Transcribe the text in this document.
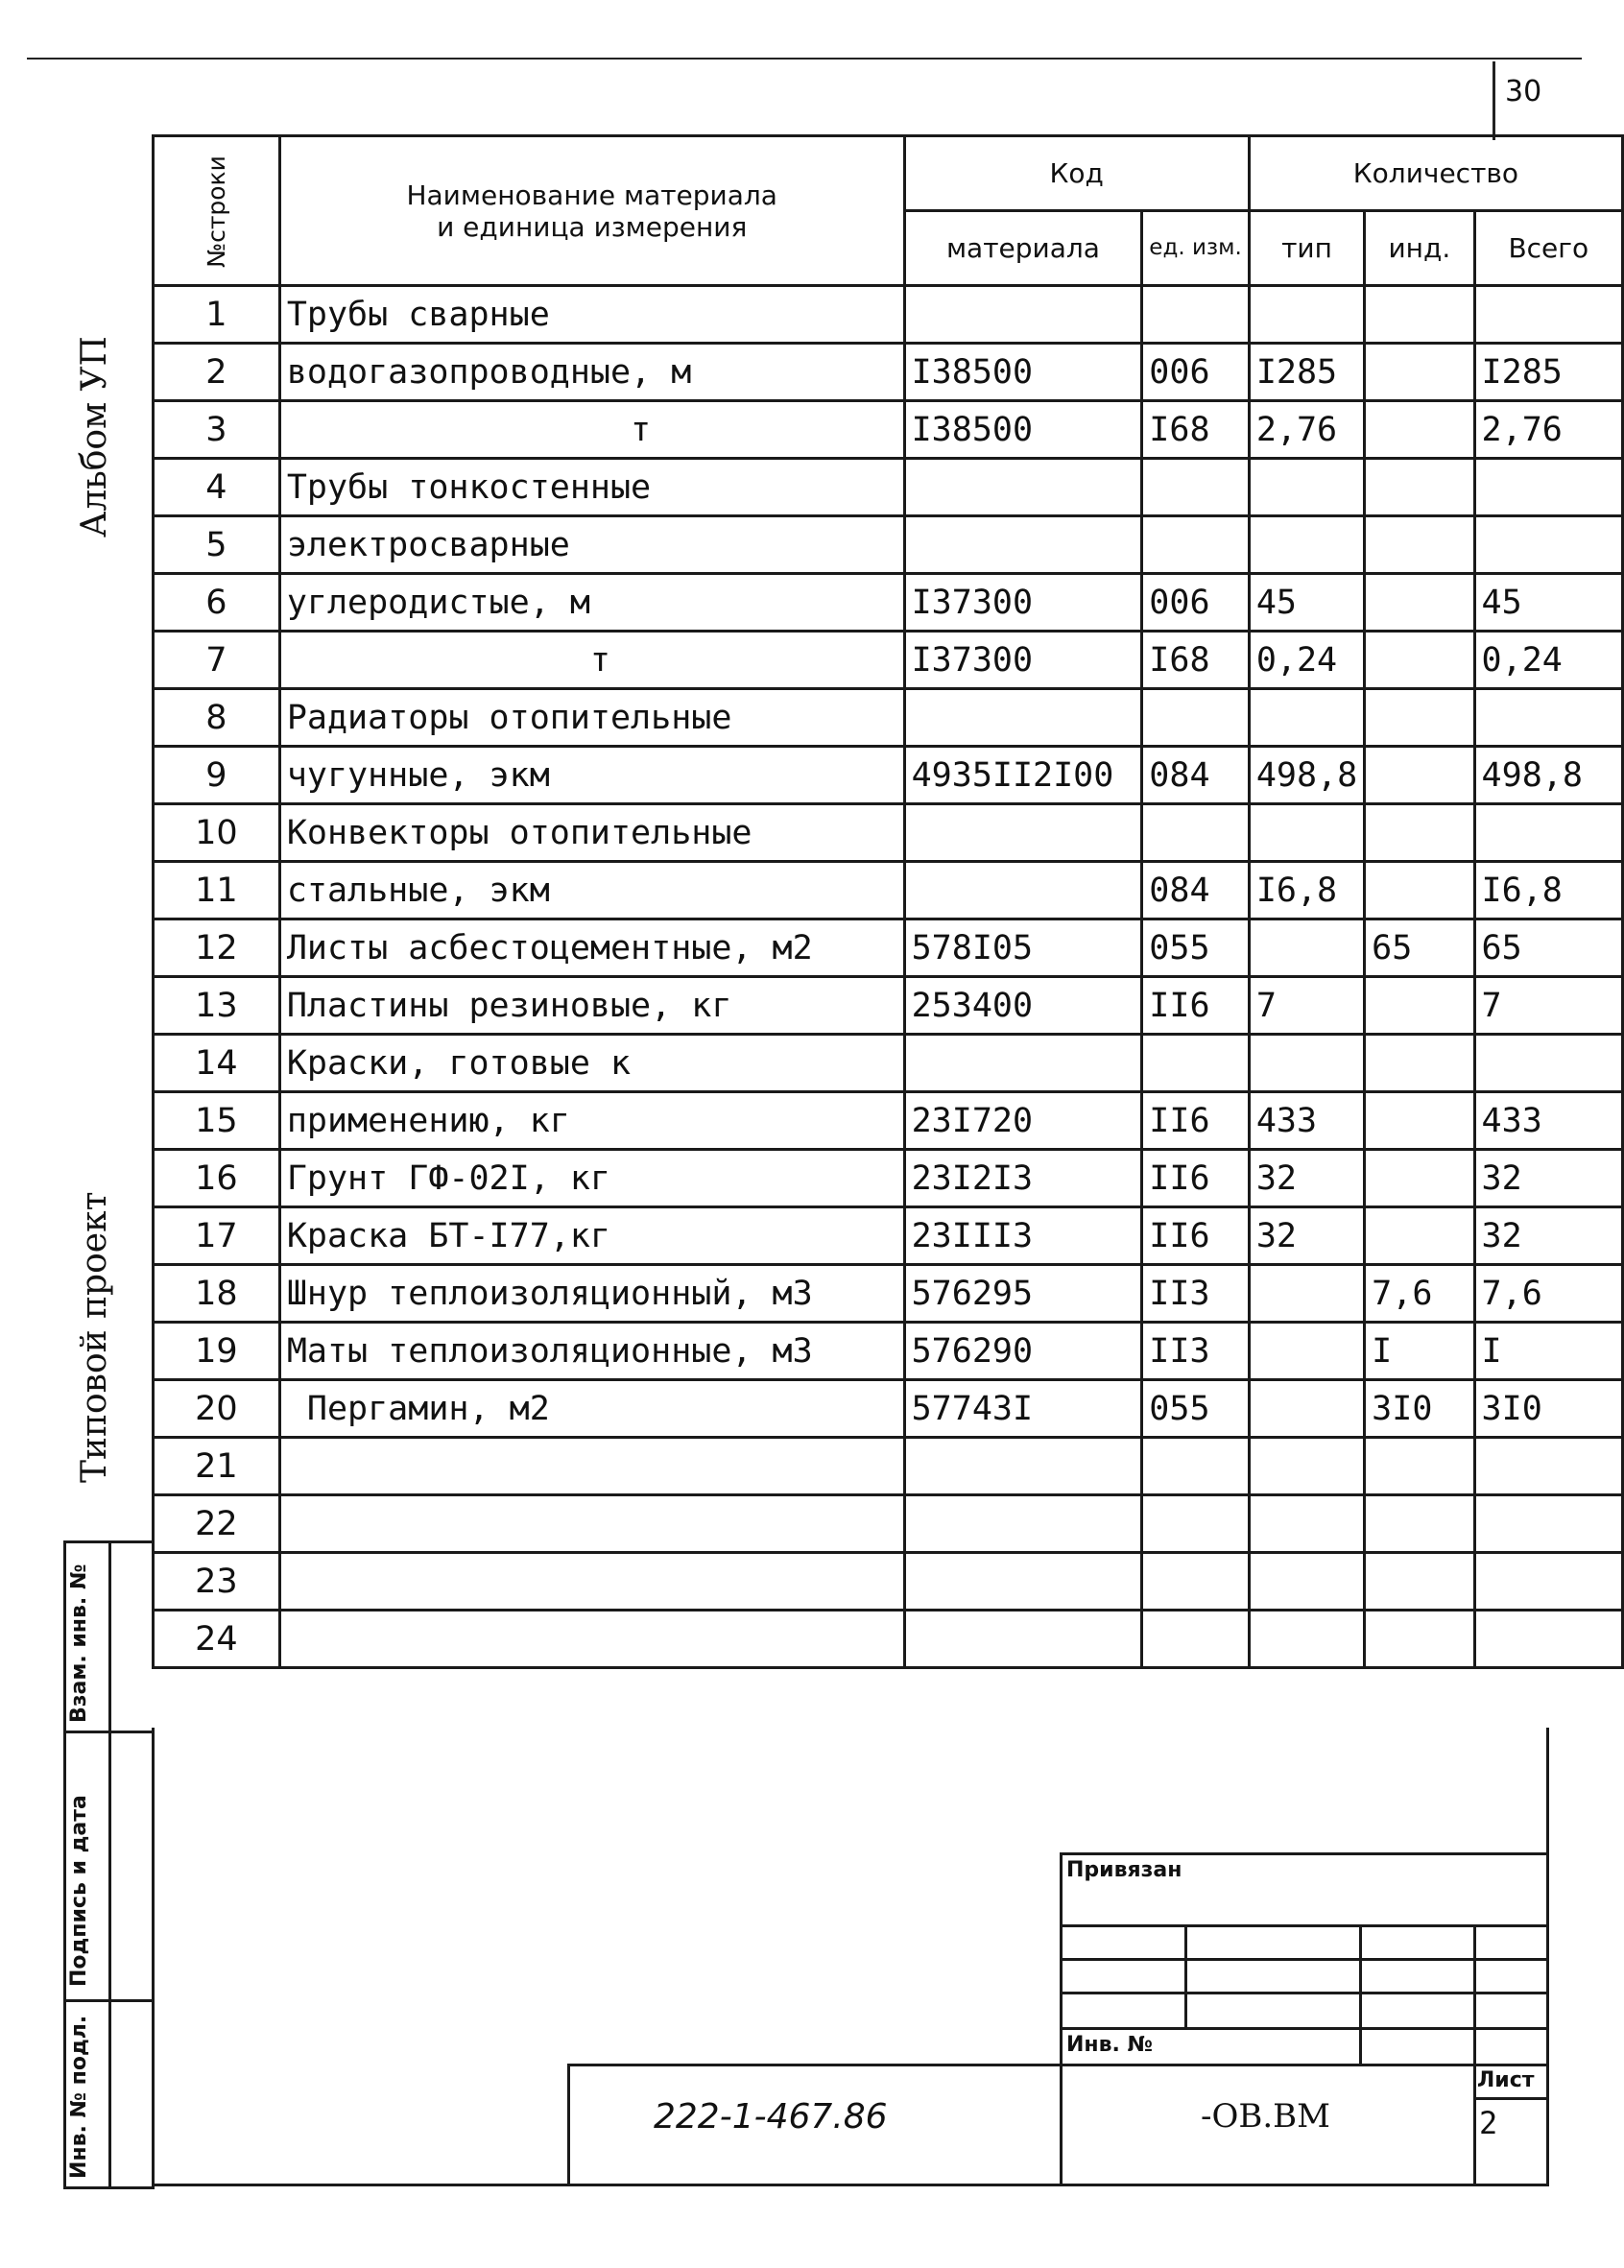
30
Альбом УП
Типовой проект
№строки	Наименование материала
и единица измерения	Код		Количество		
		материала	ед. изм.	тип	инд.	Всего
1	Трубы сварные					
2	водогазопроводные, м	I38500	006	I285		I285
3	т	I38500	I68	2,76		2,76
4	Трубы тонкостенные					
5	электросварные					
6	углеродистые, м	I37300	006	45		45
7	т	I37300	I68	0,24		0,24
8	Радиаторы отопительные					
9	чугунные, экм	4935II2I00	084	498,8		498,8
10	Конвекторы отопительные					
11	стальные, экм		084	I6,8		I6,8
12	Листы асбестоцементные, м2	578I05	055		65	65
13	Пластины резиновые, кг	253400	II6	7		7
14	Краски, готовые к					
15	применению, кг	23I720	II6	433		433
16	Грунт ГФ-02I, кг	23I2I3	II6	32		32
17	Краска БТ-I77,кг	23III3	II6	32		32
18	Шнур теплоизоляционный, м3	576295	II3		7,6	7,6
19	Маты теплоизоляционные, м3	576290	II3		I	I
20	Пергамин, м2	57743I	055		3I0	3I0
21						
22						
23						
24						
Взам. инв. №
Подпись и дата
Инв. № подл.
Привязан
Инв. №
222-1-467.86	-ОВ.ВМ
Лист
2
